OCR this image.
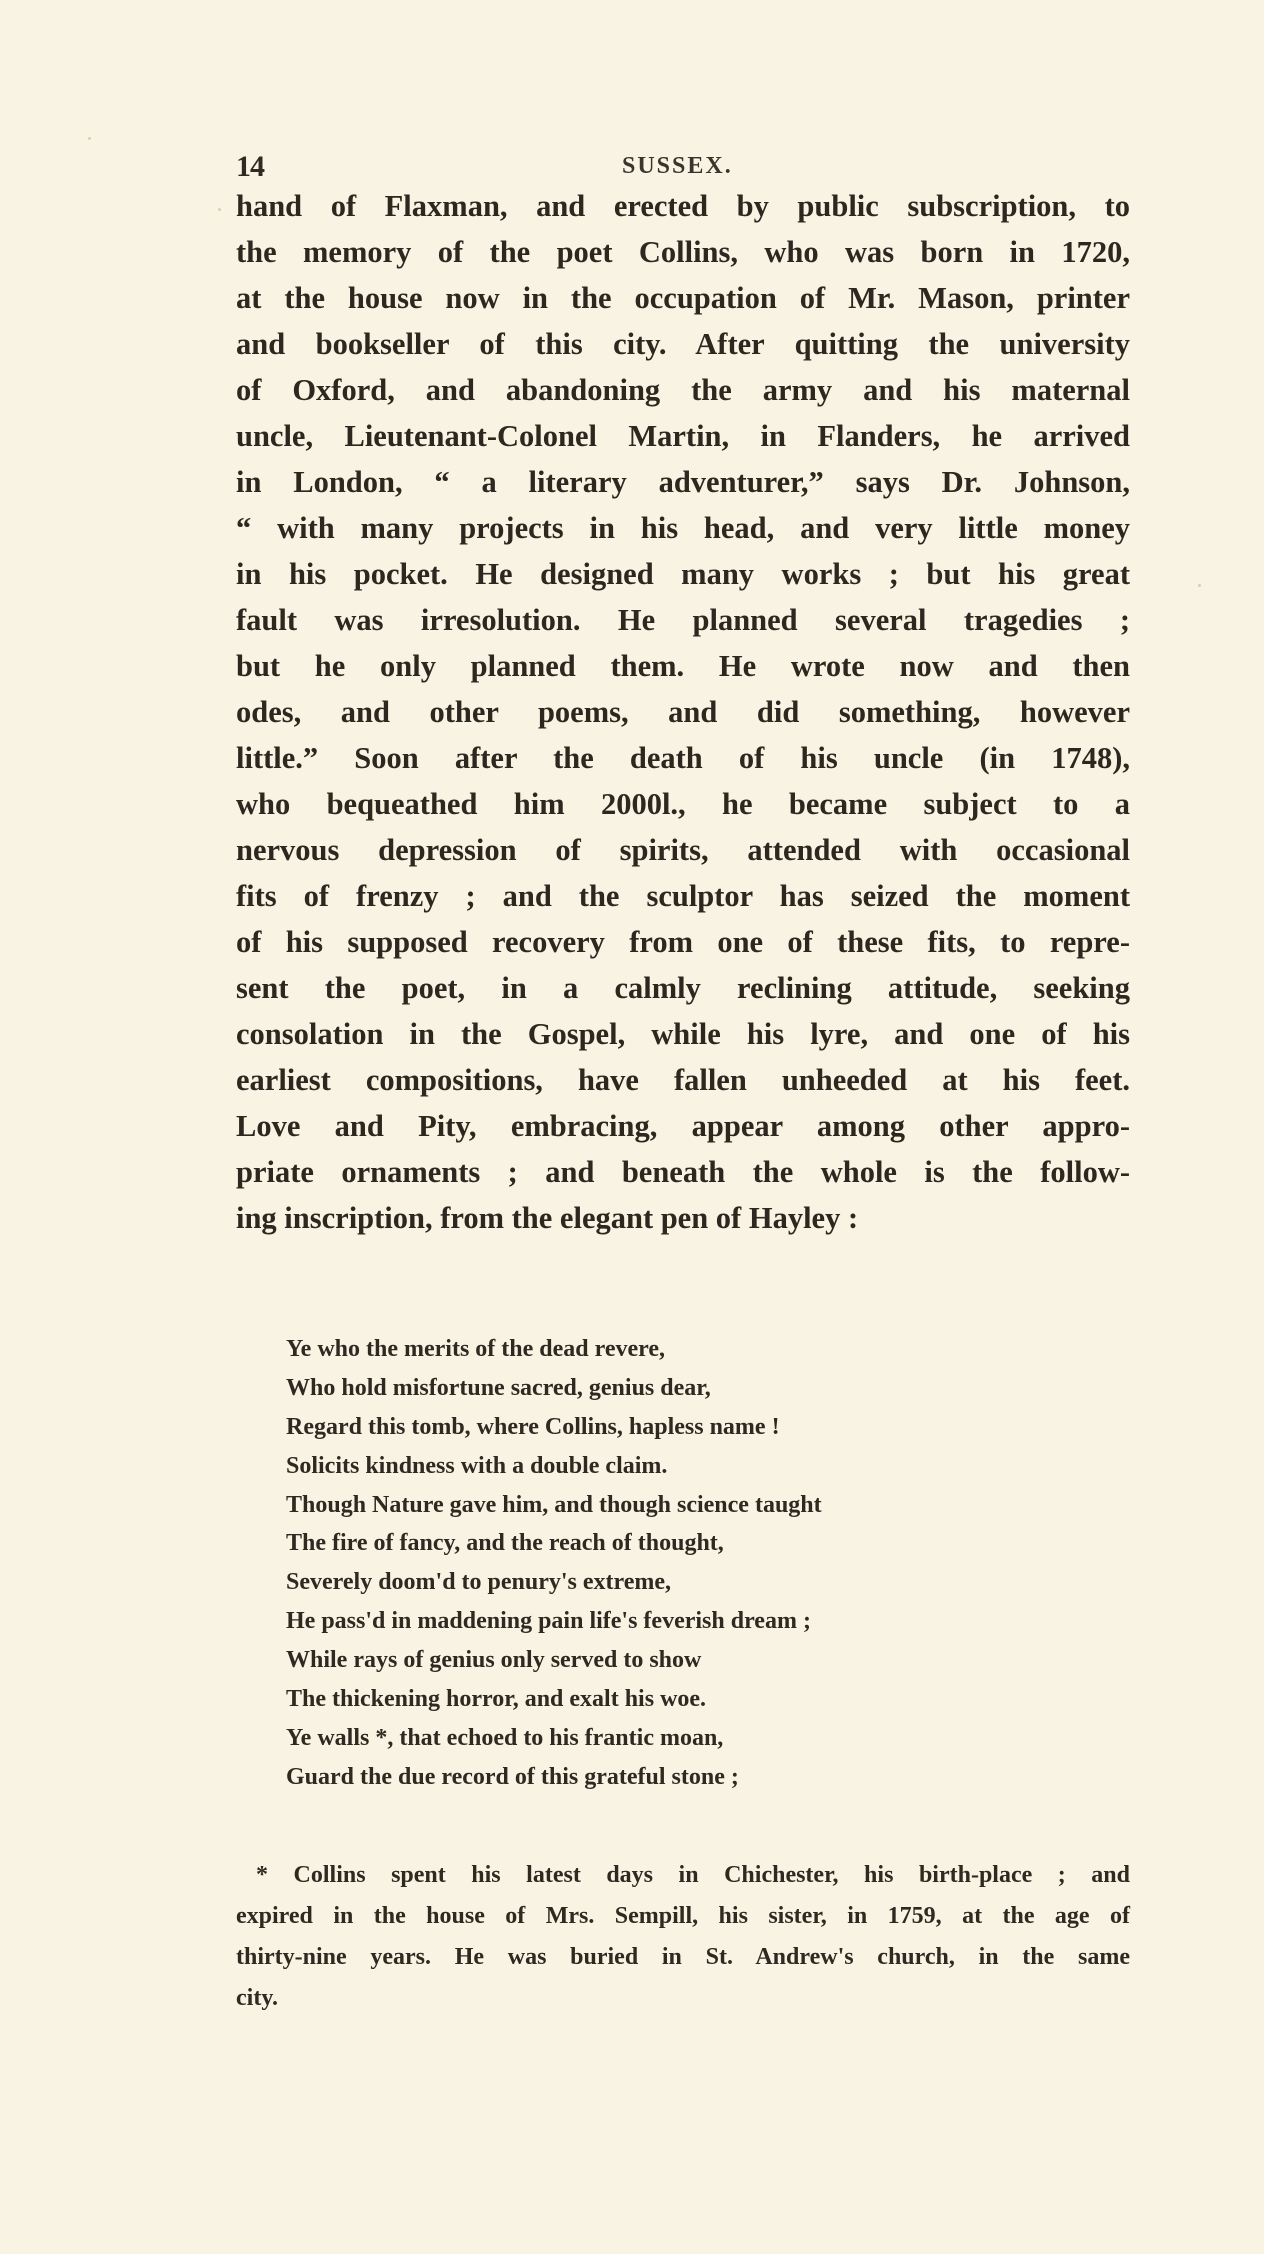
14	SUSSEX.
hand of Flaxman, and erected by public subscription, to
the memory of the poet Collins, who was born in 1720,
at the house now in the occupation of Mr. Mason, printer
and bookseller of this city. After quitting the university
of Oxford, and abandoning the army and his maternal
uncle, Lieutenant-Colonel Martin, in Flanders, he arrived
in London, “ a literary adventurer,” says Dr. Johnson,
“ with many projects in his head, and very little money
in his pocket. He designed many works ; but his great
fault was irresolution. He planned several tragedies ;
but he only planned them. He wrote now and then
odes, and other poems, and did something, however
little.” Soon after the death of his uncle (in 1748),
who bequeathed him 2000l., he became subject to a
nervous depression of spirits, attended with occasional
fits of frenzy ; and the sculptor has seized the moment
of his supposed recovery from one of these fits, to repre-
sent the poet, in a calmly reclining attitude, seeking
consolation in the Gospel, while his lyre, and one of his
earliest compositions, have fallen unheeded at his feet.
Love and Pity, embracing, appear among other appro-
priate ornaments ; and beneath the whole is the follow-
ing inscription, from the elegant pen of Hayley :
Ye who the merits of the dead revere,
Who hold misfortune sacred, genius dear,
Regard this tomb, where Collins, hapless name !
Solicits kindness with a double claim.
Though Nature gave him, and though science taught
The fire of fancy, and the reach of thought,
Severely doom'd to penury's extreme,
He pass'd in maddening pain life's feverish dream ;
While rays of genius only served to show
The thickening horror, and exalt his woe.
Ye walls *, that echoed to his frantic moan,
Guard the due record of this grateful stone ;
* Collins spent his latest days in Chichester, his birth-place ; and
expired in the house of Mrs. Sempill, his sister, in 1759, at the age of
thirty-nine years. He was buried in St. Andrew's church, in the same
city.
